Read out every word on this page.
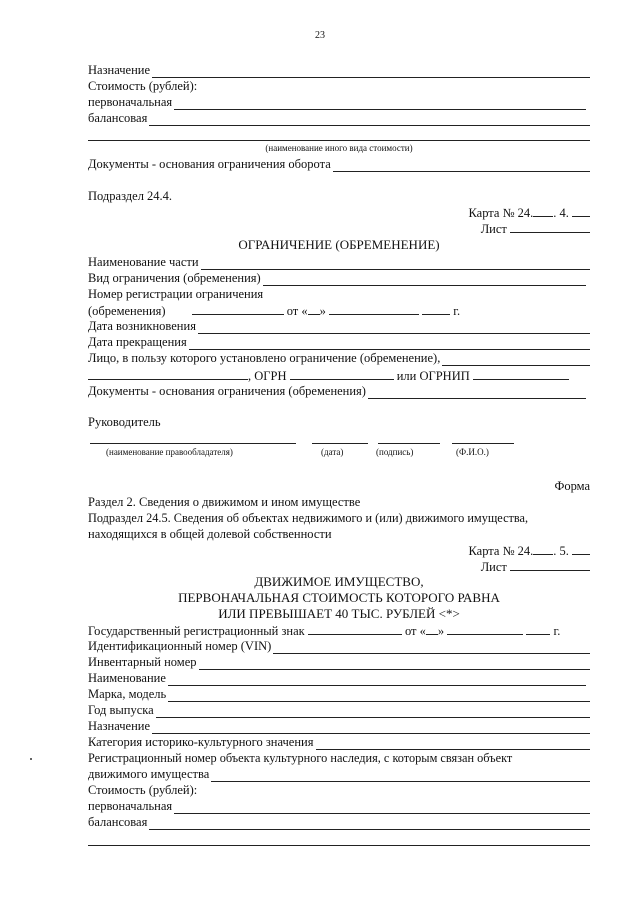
23
Назначение
Стоимость (рублей):
первоначальная
балансовая
(наименование иного вида стоимости)
Документы - основания ограничения оборота
Подраздел 24.4.
Карта № 24. . 4.
Лист
ОГРАНИЧЕНИЕ (ОБРЕМЕНЕНИЕ)
Наименование части
Вид ограничения (обременения)
Номер регистрации ограничения
(обременения)	от « »	г.
Дата возникновения
Дата прекращения
Лицо, в пользу которого установлено ограничение (обременение),
, ОГРН	или ОГРНИП
Документы - основания ограничения (обременения)
Руководитель
(наименование правообладателя)	(дата)	(подпись)	(Ф.И.О.)
Форма
Раздел 2. Сведения о движимом и ином имуществе
Подраздел 24.5. Сведения об объектах недвижимого и (или) движимого имущества,
находящихся в общей долевой собственности
Карта № 24. . 5.
Лист
ДВИЖИМОЕ ИМУЩЕСТВО,
ПЕРВОНАЧАЛЬНАЯ СТОИМОСТЬ КОТОРОГО РАВНА
ИЛИ ПРЕВЫШАЕТ 40 ТЫС. РУБЛЕЙ <*>
Государственный регистрационный знак	от « »	г.
Идентификационный номер (VIN)
Инвентарный номер
Наименование
Марка, модель
Год выпуска
Назначение
Категория историко-культурного значения
Регистрационный номер объекта культурного наследия, с которым связан объект
движимого имущества
Стоимость (рублей):
первоначальная
балансовая
